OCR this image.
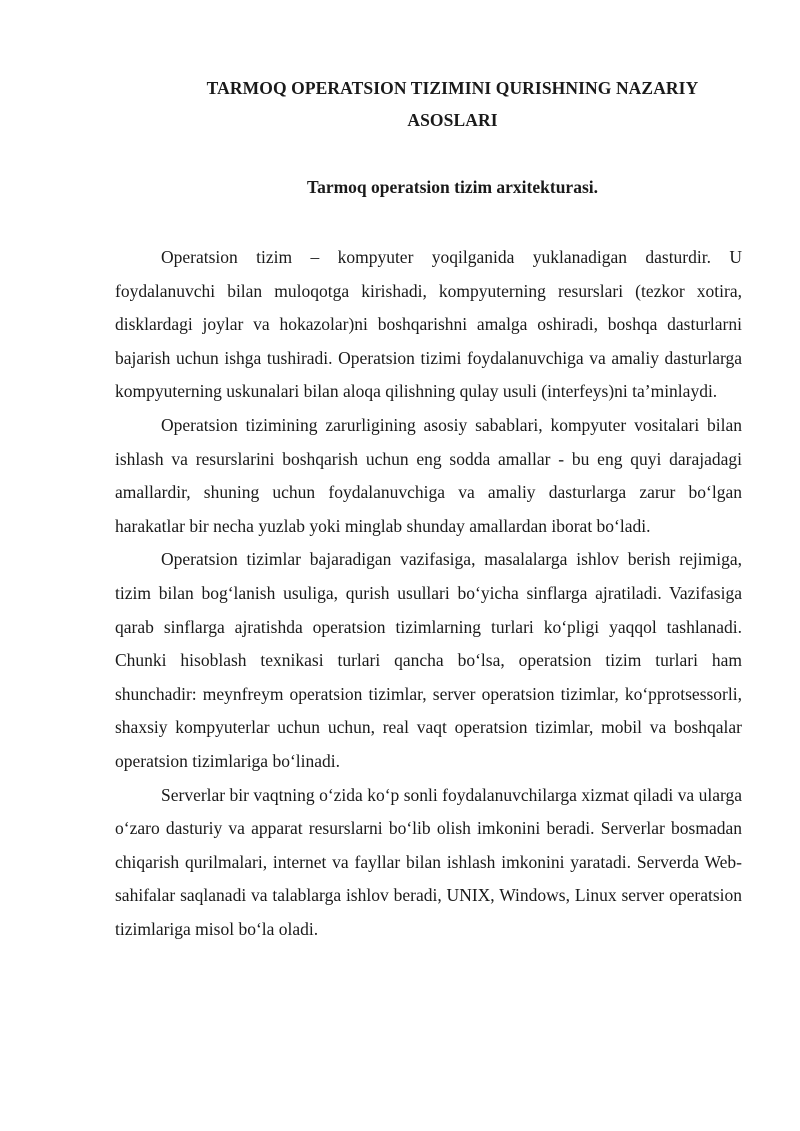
TARMOQ OPERATSION TIZIMINI QURISHNING NAZARIY ASOSLARI
Tarmoq operatsion tizim arxitekturasi.

Operatsion tizim – kompyuter yoqilganida yuklanadigan dasturdir. U foydalanuvchi bilan muloqotga kirishadi, kompyuterning resurslari (tezkor xotira, disklardagi joylar va hokazolar)ni boshqarishni amalga oshiradi, boshqa dasturlarni bajarish uchun ishga tushiradi. Operatsion tizimi foydalanuvchiga va amaliy dasturlarga kompyuterning uskunalari bilan aloqa qilishning qulay usuli (interfeys)ni ta’minlaydi.

Operatsion tizimining zarurligining asosiy sabablari, kompyuter vositalari bilan ishlash va resurslarini boshqarish uchun eng sodda amallar - bu eng quyi darajadagi amallardir, shuning uchun foydalanuvchiga va amaliy dasturlarga zarur bo‘lgan harakatlar bir necha yuzlab yoki minglab shunday amallardan iborat bo‘ladi.

Operatsion tizimlar bajaradigan vazifasiga, masalalarga ishlov berish rejimiga, tizim bilan bog‘lanish usuliga, qurish usullari bo‘yicha sinflarga ajratiladi. Vazifasiga qarab sinflarga ajratishda operatsion tizimlarning turlari ko‘pligi yaqqol tashlanadi. Chunki hisoblash texnikasi turlari qancha bo‘lsa, operatsion tizim turlari ham shunchadir: meynfreym operatsion tizimlar, server operatsion tizimlar, ko‘pprotsessorli, shaxsiy kompyuterlar uchun uchun, real vaqt operatsion tizimlar, mobil va boshqalar operatsion tizimlariga bo‘linadi.

Serverlar bir vaqtning o‘zida ko‘p sonli foydalanuvchilarga xizmat qiladi va ularga o‘zaro dasturiy va apparat resurslarni bo‘lib olish imkonini beradi. Serverlar bosmadan chiqarish qurilmalari, internet va fayllar bilan ishlash imkonini yaratadi. Serverda Web-sahifalar saqlanadi va talablarga ishlov beradi, UNIX, Windows, Linux server operatsion tizimlariga misol bo‘la oladi.
